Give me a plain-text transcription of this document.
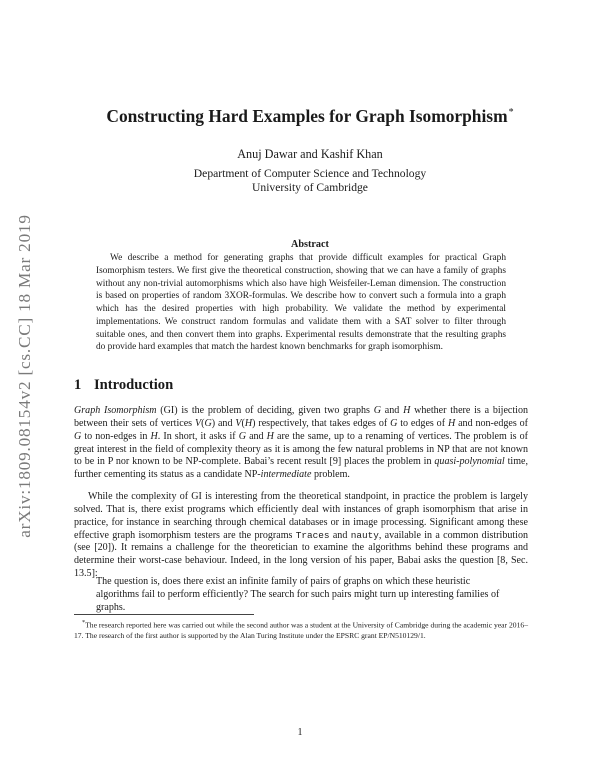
arXiv:1809.08154v2 [cs.CC] 18 Mar 2019
Constructing Hard Examples for Graph Isomorphism*
Anuj Dawar and Kashif Khan
Department of Computer Science and Technology
University of Cambridge
Abstract
We describe a method for generating graphs that provide difficult examples for practical Graph Isomorphism testers. We first give the theoretical construction, showing that we can have a family of graphs without any non-trivial automorphisms which also have high Weisfeiler-Leman dimension. The construction is based on properties of random 3XOR-formulas. We describe how to convert such a formula into a graph which has the desired properties with high probability. We validate the method by experimental implementations. We construct random formulas and validate them with a SAT solver to filter through suitable ones, and then convert them into graphs. Experimental results demonstrate that the resulting graphs do provide hard examples that match the hardest known benchmarks for graph isomorphism.
1 Introduction
Graph Isomorphism (GI) is the problem of deciding, given two graphs G and H whether there is a bijection between their sets of vertices V(G) and V(H) respectively, that takes edges of G to edges of H and non-edges of G to non-edges in H. In short, it asks if G and H are the same, up to a renaming of vertices. The problem is of great interest in the field of complexity theory as it is among the few natural problems in NP that are not known to be in P nor known to be NP-complete. Babai’s recent result [9] places the problem in quasi-polynomial time, further cementing its status as a candidate NP-intermediate problem.
While the complexity of GI is interesting from the theoretical standpoint, in practice the problem is largely solved. That is, there exist programs which efficiently deal with instances of graph isomorphism that arise in practice, for instance in searching through chemical databases or in image processing. Significant among these effective graph isomorphism testers are the programs Traces and nauty, available in a common distribution (see [20]). It remains a challenge for the theoretician to examine the algorithms behind these programs and determine their worst-case behaviour. Indeed, in the long version of his paper, Babai asks the question [8, Sec. 13.5]:
The question is, does there exist an infinite family of pairs of graphs on which these heuristic algorithms fail to perform efficiently? The search for such pairs might turn up interesting families of graphs.
*The research reported here was carried out while the second author was a student at the University of Cambridge during the academic year 2016–17. The research of the first author is supported by the Alan Turing Institute under the EPSRC grant EP/N510129/1.
1
